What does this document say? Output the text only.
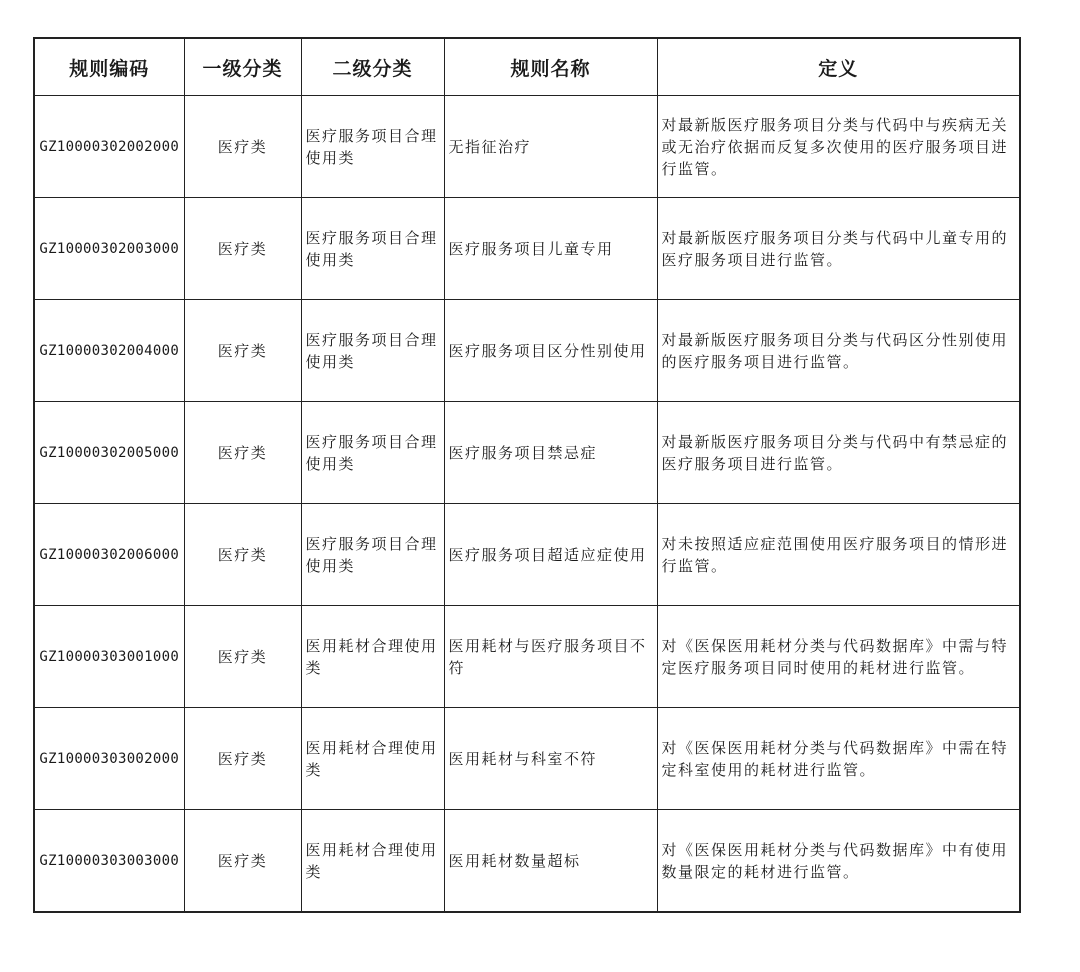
规则编码	一级分类	二级分类	规则名称	定义
GZ10000302002000	医疗类	医疗服务项目合理使用类	无指征治疗	对最新版医疗服务项目分类与代码中与疾病无关或无治疗依据而反复多次使用的医疗服务项目进行监管。
GZ10000302003000	医疗类	医疗服务项目合理使用类	医疗服务项目儿童专用	对最新版医疗服务项目分类与代码中儿童专用的医疗服务项目进行监管。
GZ10000302004000	医疗类	医疗服务项目合理使用类	医疗服务项目区分性别使用	对最新版医疗服务项目分类与代码区分性别使用的医疗服务项目进行监管。
GZ10000302005000	医疗类	医疗服务项目合理使用类	医疗服务项目禁忌症	对最新版医疗服务项目分类与代码中有禁忌症的医疗服务项目进行监管。
GZ10000302006000	医疗类	医疗服务项目合理使用类	医疗服务项目超适应症使用	对未按照适应症范围使用医疗服务项目的情形进行监管。
GZ10000303001000	医疗类	医用耗材合理使用类	医用耗材与医疗服务项目不符	对《医保医用耗材分类与代码数据库》中需与特定医疗服务项目同时使用的耗材进行监管。
GZ10000303002000	医疗类	医用耗材合理使用类	医用耗材与科室不符	对《医保医用耗材分类与代码数据库》中需在特定科室使用的耗材进行监管。
GZ10000303003000	医疗类	医用耗材合理使用类	医用耗材数量超标	对《医保医用耗材分类与代码数据库》中有使用数量限定的耗材进行监管。
